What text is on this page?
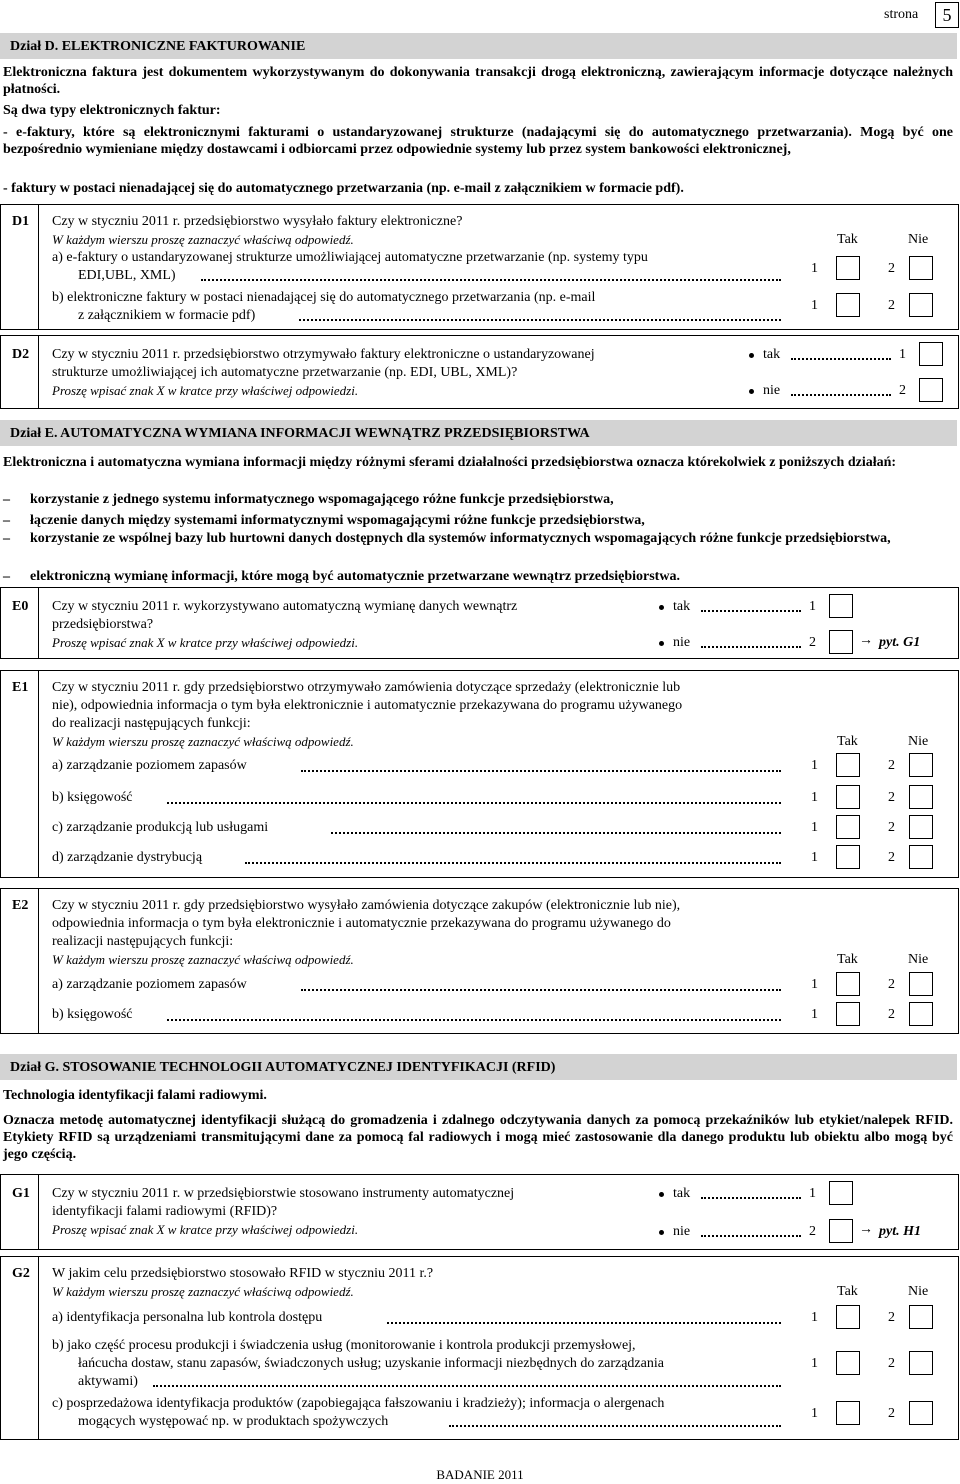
strona	5
Dział D. ELEKTRONICZNE FAKTUROWANIE
Elektroniczna faktura jest dokumentem wykorzystywanym do dokonywania transakcji drogą elektroniczną, zawierającym informacje dotyczące należnych płatności.
Są dwa typy elektronicznych faktur:
- e-faktury, które są elektronicznymi fakturami o ustandaryzowanej strukturze (nadającymi się do automatycznego przetwarzania). Mogą być one bezpośrednio wymieniane między dostawcami i odbiorcami przez odpowiednie systemy lub przez system bankowości elektronicznej,
- faktury w postaci nienadającej się do automatycznego przetwarzania (np. e-mail z załącznikiem w formacie pdf).
D1 Czy w styczniu 2011 r. przedsiębiorstwo wysyłało faktury elektroniczne?
W każdym wierszu proszę zaznaczyć właściwą odpowiedź.	Tak	Nie
a) e-faktury o ustandaryzowanej strukturze umożliwiającej automatyczne przetwarzanie (np. systemy typu
EDI,UBL, XML)	1	2
b) elektroniczne faktury w postaci nienadającej się do automatycznego przetwarzania (np. e-mail
z załącznikiem w formacie pdf)
1	2
D2 Czy w styczniu 2011 r. przedsiębiorstwo otrzymywało faktury elektroniczne o ustandaryzowanej
strukturze umożliwiającej ich automatyczne przetwarzanie (np. EDI, UBL, XML)?
Proszę wpisać znak X w kratce przy właściwej odpowiedzi.
tak	1
nie	2
Dział E. AUTOMATYCZNA WYMIANA INFORMACJI WEWNĄTRZ PRZEDSIĘBIORSTWA
Elektroniczna i automatyczna wymiana informacji między różnymi sferami działalności przedsiębiorstwa oznacza którekolwiek z poniższych działań:
– korzystanie z jednego systemu informatycznego wspomagającego różne funkcje przedsiębiorstwa,
– łączenie danych między systemami informatycznymi wspomagającymi różne funkcje przedsiębiorstwa,
– korzystanie ze wspólnej bazy lub hurtowni danych dostępnych dla systemów informatycznych wspomagających różne funkcje przedsiębiorstwa,
– elektroniczną wymianę informacji, które mogą być automatycznie przetwarzane wewnątrz przedsiębiorstwa.
E0 Czy w styczniu 2011 r. wykorzystywano automatyczną wymianę danych wewnątrz
przedsiębiorstwa?
Proszę wpisać znak X w kratce przy właściwej odpowiedzi.
tak	1
nie	2	→ pyt. G1
E1 Czy w styczniu 2011 r. gdy przedsiębiorstwo otrzymywało zamówienia dotyczące sprzedaży (elektronicznie lub
nie), odpowiednia informacja o tym była elektronicznie i automatycznie przekazywana do programu używanego
do realizacji następujących funkcji:
W każdym wierszu proszę zaznaczyć właściwą odpowiedź.	Tak	Nie
a) zarządzanie poziomem zapasów	1	2
b) księgowość	1	2
c) zarządzanie produkcją lub usługami	1	2
d) zarządzanie dystrybucją	1	2
E2 Czy w styczniu 2011 r. gdy przedsiębiorstwo wysyłało zamówienia dotyczące zakupów (elektronicznie lub nie),
odpowiednia informacja o tym była elektronicznie i automatycznie przekazywana do programu używanego do
realizacji następujących funkcji:
W każdym wierszu proszę zaznaczyć właściwą odpowiedź.	Tak	Nie
a) zarządzanie poziomem zapasów	1	2
b) księgowość	1	2
Dział G. STOSOWANIE TECHNOLOGII AUTOMATYCZNEJ IDENTYFIKACJI (RFID)
Technologia identyfikacji falami radiowymi.
Oznacza metodę automatycznej identyfikacji służącą do gromadzenia i zdalnego odczytywania danych za pomocą przekaźników lub etykiet/nalepek RFID. Etykiety RFID są urządzeniami transmitującymi dane za pomocą fal radiowych i mogą mieć zastosowanie dla danego produktu lub obiektu albo mogą być jego częścią.
G1 Czy w styczniu 2011 r. w przedsiębiorstwie stosowano instrumenty automatycznej
identyfikacji falami radiowymi (RFID)?
Proszę wpisać znak X w kratce przy właściwej odpowiedzi.
tak	1
nie	2	→ pyt. H1
G2 W jakim celu przedsiębiorstwo stosowało RFID w styczniu 2011 r.?
W każdym wierszu proszę zaznaczyć właściwą odpowiedź.	Tak	Nie
a) identyfikacja personalna lub kontrola dostępu	1	2
b) jako część procesu produkcji i świadczenia usług (monitorowanie i kontrola produkcji przemysłowej,
łańcucha dostaw, stanu zapasów, świadczonych usług; uzyskanie informacji niezbędnych do zarządzania
aktywami)
1	2
c) posprzedażowa identyfikacja produktów (zapobiegająca fałszowaniu i kradzieży); informacja o alergenach
mogących występować np. w produktach spożywczych
1	2
BADANIE 2011
